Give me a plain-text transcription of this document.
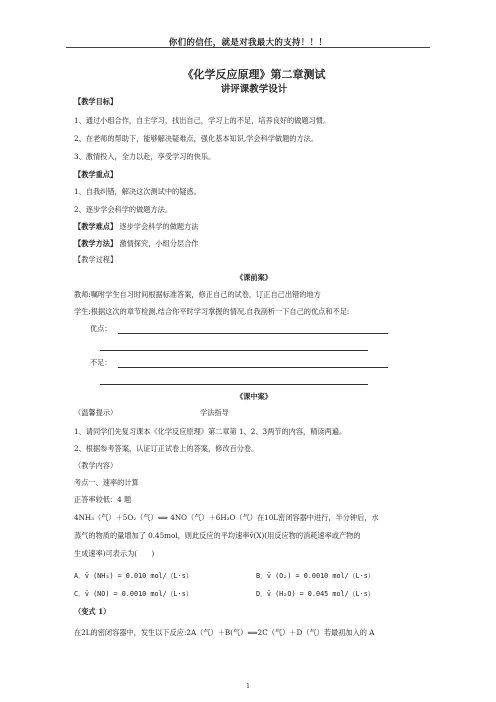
你们的信任，就是对我最大的支持！！！
《化学反应原理》第二章测试
讲评课教学设计
【教学目标】
1、通过小组合作，自主学习，找出自己，学习上的不足，培养良好的做题习惯。
2、在老师的帮助下，能够解决疑难点，强化基本知识,学会科学做题的方法。
3、激情投入，全力以赴，享受学习的快乐。
【教学重点】
1、自我纠错，解决这次测试中的疑惑。
2、逐步学会科学的做题方法。
【教学难点】 逐步学会科学的做题方法
【教学方法】 激情探究，小组分层合作
【教学过程】
《课前案》
教师:嘱咐学生自习时间根据标准答案，修正自己的试卷，订正自己出错的地方
学生:根据这次的章节检测,结合你平时学习掌握的情况,自我剖析一下自己的优点和不足:
优点：
不足：
《课中案》
（温馨提示）	学法指导
1、请同学们先复习课本《化学反应原理》第二章第 1、2、3两节的内容，精读两遍。
2、根据参考答案，认证订正试卷上的答案，修改百分卷。
（教学内容）
考点一、速率的计算
正答率较低：4 题
4NH₃（气）＋5O₂（气）⟺ 4NO（气）＋6H₂O（气）在10L密闭容器中进行，半分钟后，水
蒸气的物质的量增加了 0.45mol，则此反应的平均速率v̄(X)(用反应物的消耗速率或产物的
生成速率)可表示为(　　)
A．v̄ (NH₃) = 0.010 mol/（L·s）	B．v̄ (O₂) = 0.0010 mol/（L·s）
C．v̄ (NO) = 0.0010 mol/（L·s）	D．v̄ (H₂O) = 0.045 mol/（L·s）
（变式 1）
在2L的密闭容器中，发生以下反应:2A（气）＋B(气）⟺2C（气）＋D（气）若最初加入的 A
1
